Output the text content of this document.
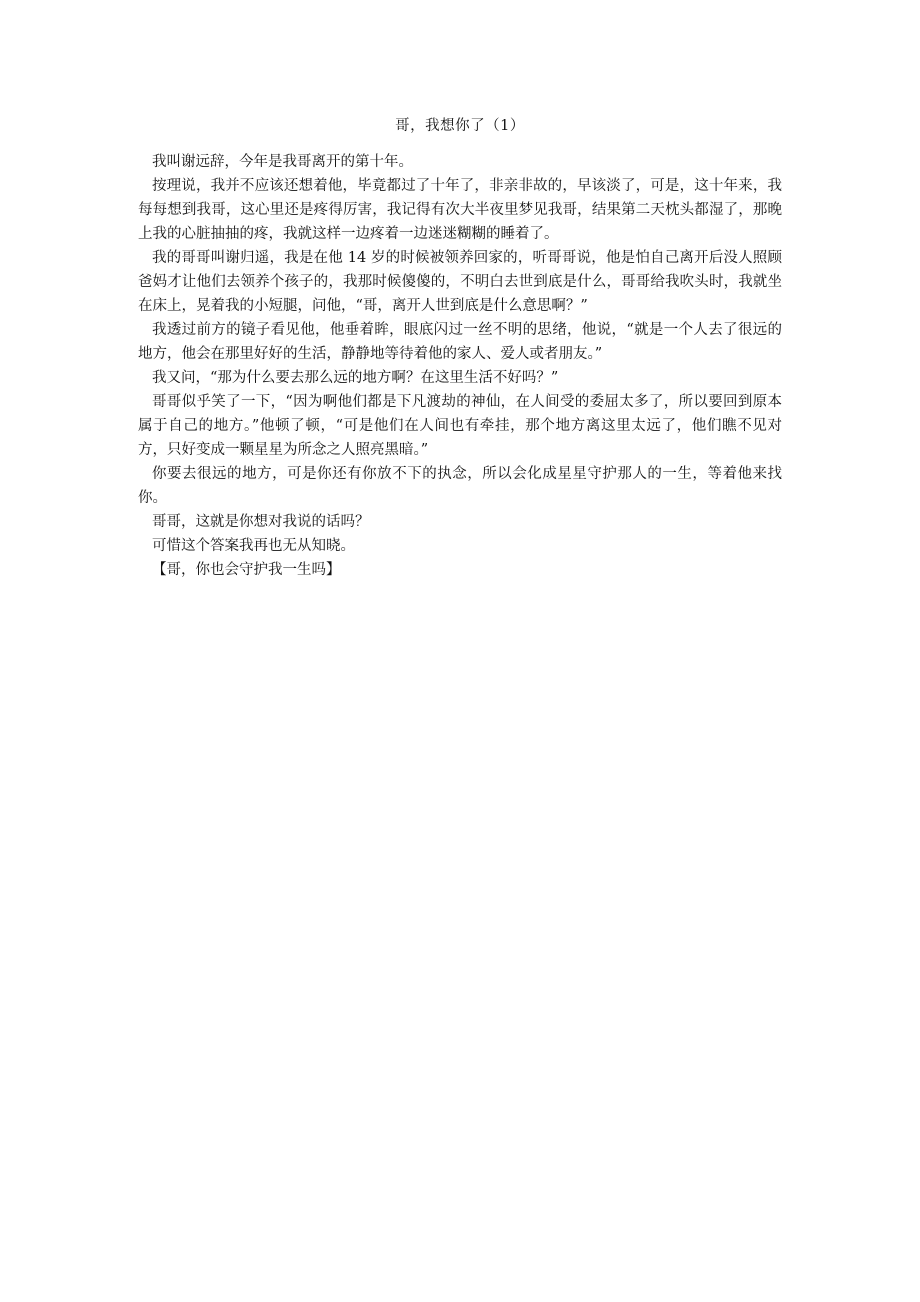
哥，我想你了（1）

我叫谢远辞，今年是我哥离开的第十年。

按理说，我并不应该还想着他，毕竟都过了十年了，非亲非故的，早该淡了，可是，这十年来，我每每想到我哥，这心里还是疼得厉害，我记得有次大半夜里梦见我哥，结果第二天枕头都湿了，那晚上我的心脏抽抽的疼，我就这样一边疼着一边迷迷糊糊的睡着了。

我的哥哥叫谢归遥，我是在他 14 岁的时候被领养回家的，听哥哥说，他是怕自己离开后没人照顾爸妈才让他们去领养个孩子的，我那时候傻傻的，不明白去世到底是什么，哥哥给我吹头时，我就坐在床上，晃着我的小短腿，问他，“哥，离开人世到底是什么意思啊？”

我透过前方的镜子看见他，他垂着眸，眼底闪过一丝不明的思绪，他说，“就是一个人去了很远的地方，他会在那里好好的生活，静静地等待着他的家人、爱人或者朋友。”

我又问，“那为什么要去那么远的地方啊？在这里生活不好吗？”

哥哥似乎笑了一下，“因为啊他们都是下凡渡劫的神仙，在人间受的委屈太多了，所以要回到原本属于自己的地方。”他顿了顿，“可是他们在人间也有牵挂，那个地方离这里太远了，他们瞧不见对方，只好变成一颗星星为所念之人照亮黑暗。”

你要去很远的地方，可是你还有你放不下的执念，所以会化成星星守护那人的一生，等着他来找你。

哥哥，这就是你想对我说的话吗？

可惜这个答案我再也无从知晓。

【哥，你也会守护我一生吗】
